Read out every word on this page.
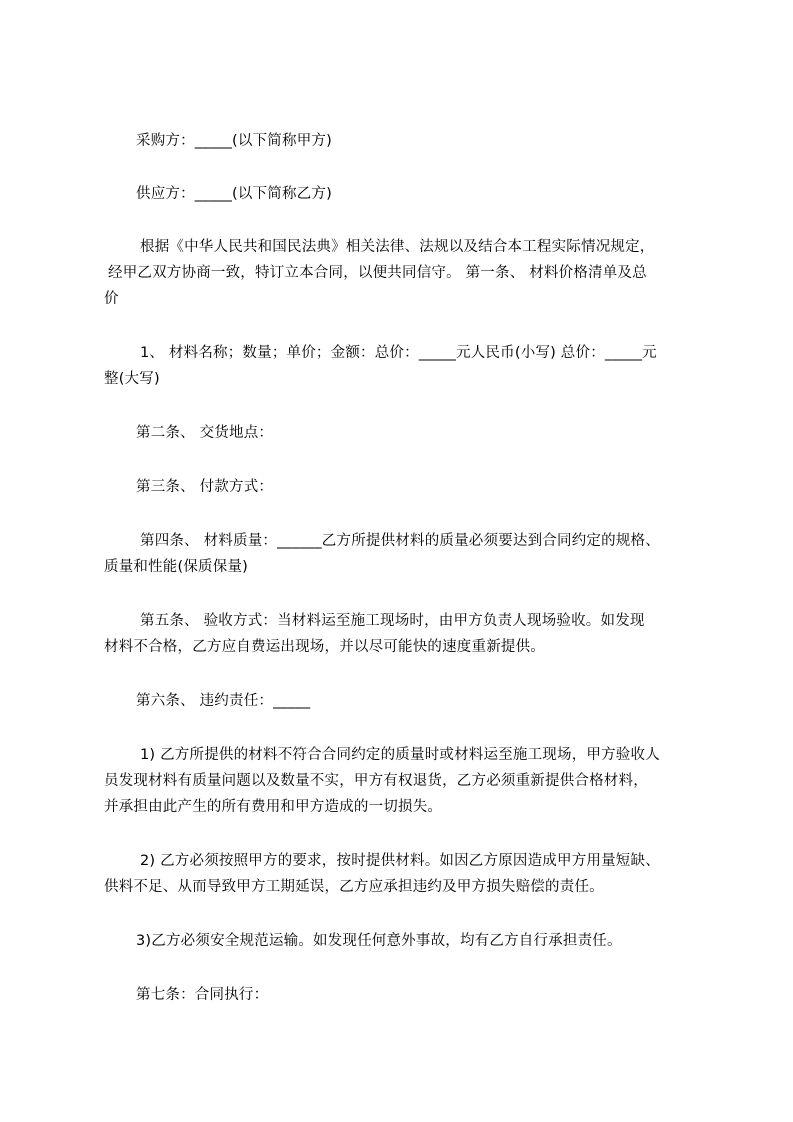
采购方：_____(以下简称甲方)

供应方：_____(以下简称乙方)

根据《中华人民共和国民法典》相关法律、法规以及结合本工程实际情况规定，

经甲乙双方协商一致，特订立本合同，以便共同信守。 第一条、 材料价格清单及总

价

1、 材料名称；数量；单价；金额：总价：_____元人民币(小写) 总价：_____元

整(大写)

第二条、 交货地点：

第三条、 付款方式：

第四条、 材料质量：______乙方所提供材料的质量必须要达到合同约定的规格、

质量和性能(保质保量)

第五条、 验收方式：当材料运至施工现场时，由甲方负责人现场验收。如发现

材料不合格，乙方应自费运出现场，并以尽可能快的速度重新提供。

第六条、 违约责任：_____

1) 乙方所提供的材料不符合合同约定的质量时或材料运至施工现场，甲方验收人

员发现材料有质量问题以及数量不实，甲方有权退货，乙方必须重新提供合格材料，

并承担由此产生的所有费用和甲方造成的一切损失。

2) 乙方必须按照甲方的要求，按时提供材料。如因乙方原因造成甲方用量短缺、

供料不足、从而导致甲方工期延误，乙方应承担违约及甲方损失赔偿的责任。

3)乙方必须安全规范运输。如发现任何意外事故，均有乙方自行承担责任。

第七条：合同执行：
